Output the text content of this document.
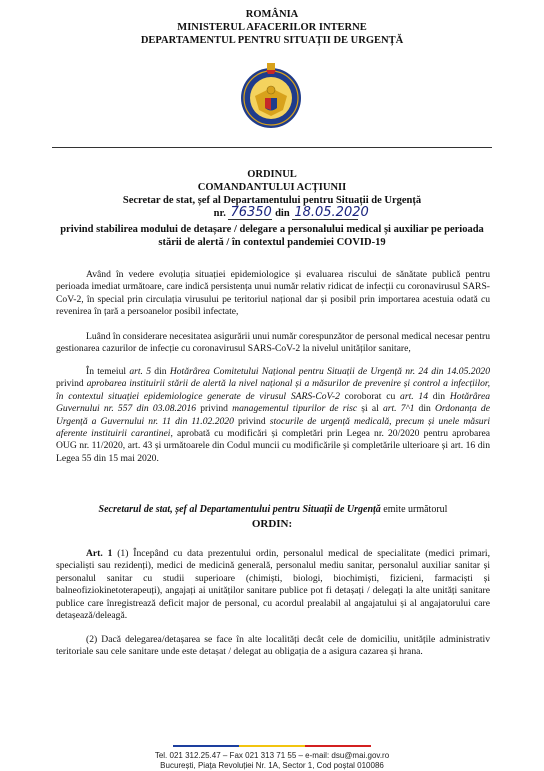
ROMÂNIA
MINISTERUL AFACERILOR INTERNE
DEPARTAMENTUL PENTRU SITUAȚII DE URGENȚĂ
ORDINUL
COMANDANTULUI ACȚIUNII
Secretar de stat, șef al Departamentului pentru Situații de Urgență
nr. 76350 din 18.05.2020
privind stabilirea modului de detașare / delegare a personalului medical și auxiliar pe perioada
stării de alertă / în contextul pandemiei COVID-19

Având în vedere evoluția situației epidemiologice și evaluarea riscului de sănătate publică pentru perioada imediat următoare, care indică persistența unui număr relativ ridicat de infecții cu coronavirusul SARS-CoV-2, în special prin circulația virusului pe teritoriul național dar și posibil prin importarea acestuia odată cu revenirea în țară a persoanelor posibil infectate,

Luând în considerare necesitatea asigurării unui număr corespunzător de personal medical necesar pentru gestionarea cazurilor de infecție cu coronavirusul SARS-CoV-2 la nivelul unităților sanitare,

În temeiul art. 5 din Hotărârea Comitetului Național pentru Situații de Urgență nr. 24 din 14.05.2020 privind aprobarea instituirii stării de alertă la nivel național și a măsurilor de prevenire și control a infecțiilor, în contextul situației epidemiologice generate de virusul SARS-CoV-2 coroborat cu art. 14 din Hotărârea Guvernului nr. 557 din 03.08.2016 privind managementul tipurilor de risc și al art. 7^1 din Ordonanța de Urgență a Guvernului nr. 11 din 11.02.2020 privind stocurile de urgență medicală, precum și unele măsuri aferente instituirii carantinei, aprobată cu modificări și completări prin Legea nr. 20/2020 pentru aprobarea OUG nr. 11/2020, art. 43 și următoarele din Codul muncii cu modificările și completările ulterioare și art. 16 din Legea 55 din 15 mai 2020.

Secretarul de stat, șef al Departamentului pentru Situații de Urgență emite următorul

ORDIN:

Art. 1 (1) Începând cu data prezentului ordin, personalul medical de specialitate (medici primari, specialiști sau rezidenți), medici de medicină generală, personalul mediu sanitar, personalul auxiliar sanitar și personalul sanitar cu studii superioare (chimiști, biologi, biochimiști, fizicieni, farmaciști și balneofiziokinetoterapeuți), angajați ai unităților sanitare publice pot fi detașați / delegați la alte unități sanitare publice care înregistrează deficit major de personal, cu acordul prealabil al angajatului și al angajatorului care detașează/deleagă.

(2) Dacă delegarea/detașarea se face în alte localități decât cele de domiciliu, unitățile administrativ teritoriale sau cele sanitare unde este detașat / delegat au obligația de a asigura cazarea și hrana.

Tel. 021 312.25.47 – Fax 021 313 71 55 – e-mail: dsu@mai.gov.ro
București, Piața Revoluției Nr. 1A, Sector 1, Cod poștal 010086
